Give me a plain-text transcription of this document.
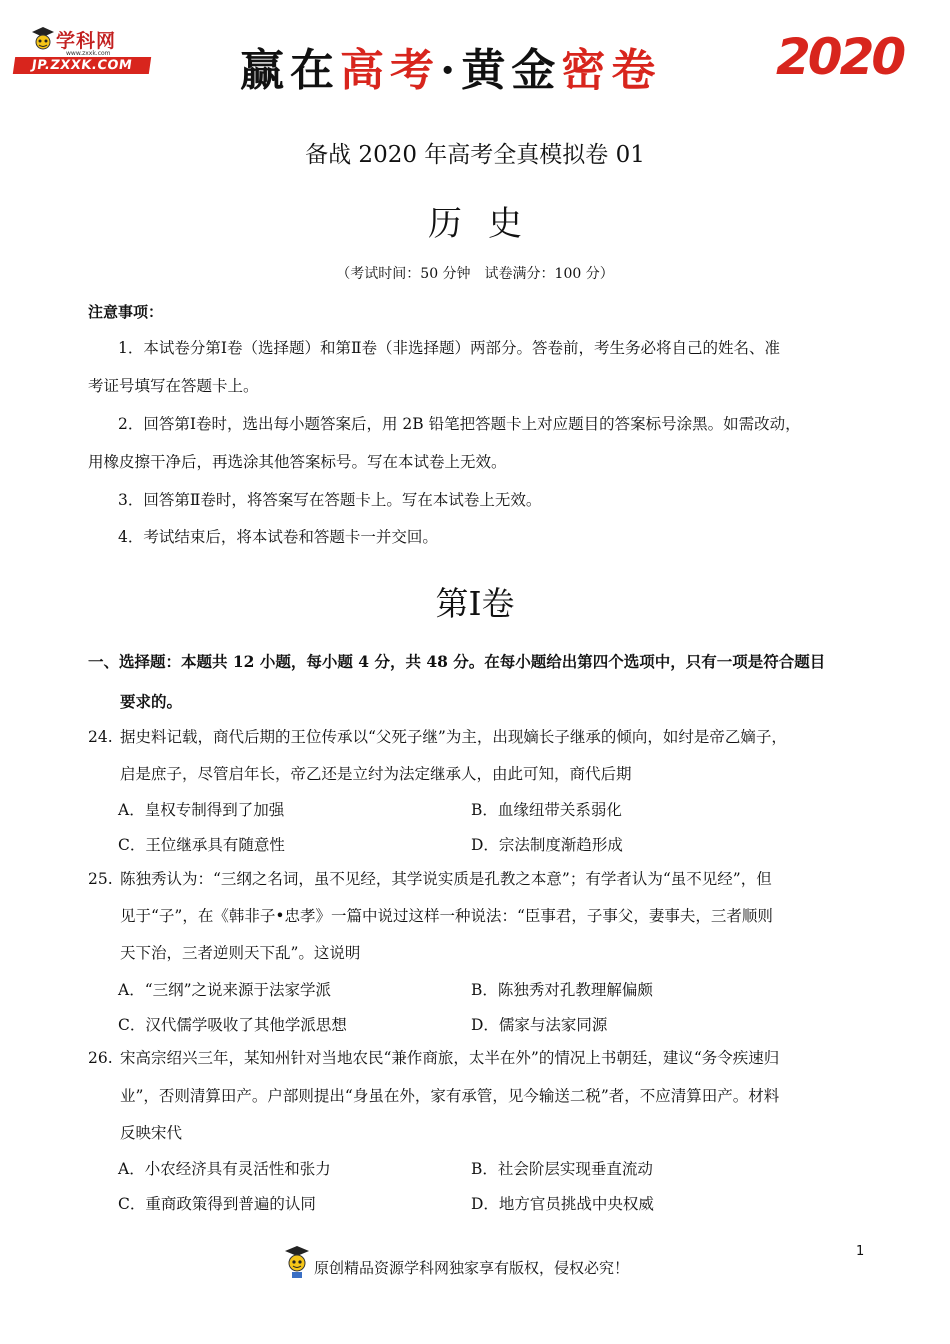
学科网
www.zxxk.com
JP.ZXXK.COM	赢在高考·黄金密卷 2020
备战 2020 年高考全真模拟卷 01
历史
（考试时间：50 分钟　试卷满分：100 分）
注意事项：
1．本试卷分第Ⅰ卷（选择题）和第Ⅱ卷（非选择题）两部分。答卷前，考生务必将自己的姓名、准
考证号填写在答题卡上。
2．回答第Ⅰ卷时，选出每小题答案后，用 2B 铅笔把答题卡上对应题目的答案标号涂黑。如需改动，
用橡皮擦干净后，再选涂其他答案标号。写在本试卷上无效。
3．回答第Ⅱ卷时，将答案写在答题卡上。写在本试卷上无效。
4．考试结束后，将本试卷和答题卡一并交回。
第Ⅰ卷
一、选择题：本题共 12 小题，每小题 4 分，共 48 分。在每小题给出第四个选项中，只有一项是符合题目
要求的。
24. 据史料记载，商代后期的王位传承以“父死子继”为主，出现嫡长子继承的倾向，如纣是帝乙嫡子，
启是庶子，尽管启年长，帝乙还是立纣为法定继承人，由此可知，商代后期
A．皇权专制得到了加强	B．血缘纽带关系弱化
C．王位继承具有随意性	D．宗法制度渐趋形成
25. 陈独秀认为：“三纲之名词，虽不见经，其学说实质是孔教之本意”；有学者认为“虽不见经”，但
见于“子”，在《韩非子•忠孝》一篇中说过这样一种说法：“臣事君，子事父，妻事夫，三者顺则
天下治，三者逆则天下乱”。这说明
A．“三纲”之说来源于法家学派	B．陈独秀对孔教理解偏颇
C．汉代儒学吸收了其他学派思想	D．儒家与法家同源
26. 宋高宗绍兴三年，某知州针对当地农民“兼作商旅，太半在外”的情况上书朝廷，建议“务令疾速归
业”，否则清算田产。户部则提出“身虽在外，家有承管，见今输送二税”者，不应清算田产。材料
反映宋代
A．小农经济具有灵活性和张力	B．社会阶层实现垂直流动
C．重商政策得到普遍的认同	D．地方官员挑战中央权威
原创精品资源学科网独家享有版权，侵权必究！
1
